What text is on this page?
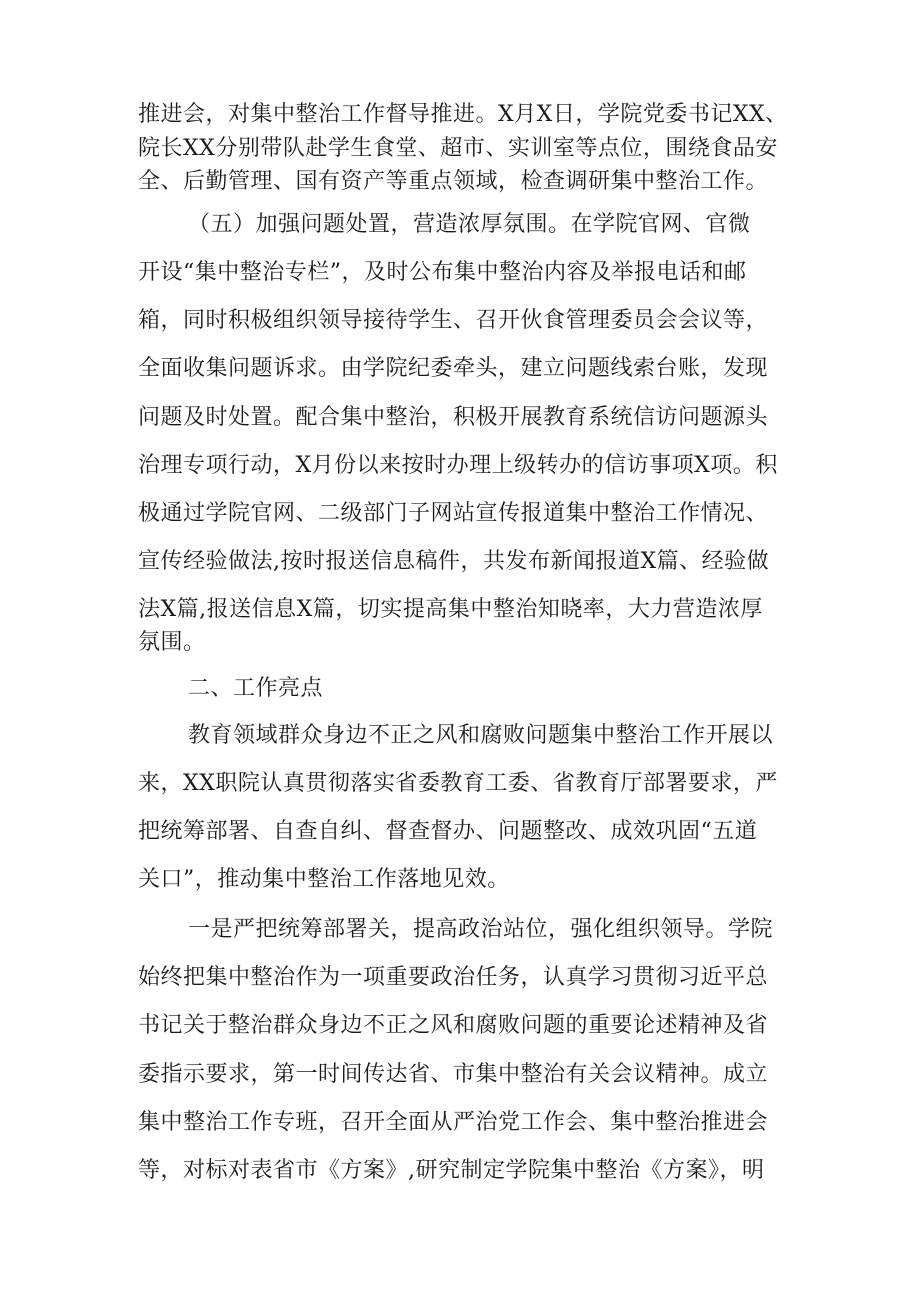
推进会，对集中整治工作督导推进。X月X日，学院党委书记XX、
院长XX分别带队赴学生食堂、超市、实训室等点位，围绕食品安
全、后勤管理、国有资产等重点领域，检查调研集中整治工作。
（五）加强问题处置，营造浓厚氛围。在学院官网、官微
开设“集中整治专栏”，及时公布集中整治内容及举报电话和邮
箱，同时积极组织领导接待学生、召开伙食管理委员会会议等，
全面收集问题诉求。由学院纪委牵头，建立问题线索台账，发现
问题及时处置。配合集中整治，积极开展教育系统信访问题源头
治理专项行动，X月份以来按时办理上级转办的信访事项X项。积
极通过学院官网、二级部门子网站宣传报道集中整治工作情况、
宣传经验做法,按时报送信息稿件，共发布新闻报道X篇、经验做
法X篇,报送信息X篇，切实提高集中整治知晓率，大力营造浓厚
氛围。
二、工作亮点
教育领域群众身边不正之风和腐败问题集中整治工作开展以
来，XX职院认真贯彻落实省委教育工委、省教育厅部署要求，严
把统筹部署、自查自纠、督查督办、问题整改、成效巩固“五道
关口”，推动集中整治工作落地见效。
一是严把统筹部署关，提高政治站位，强化组织领导。学院
始终把集中整治作为一项重要政治任务，认真学习贯彻习近平总
书记关于整治群众身边不正之风和腐败问题的重要论述精神及省
委指示要求，第一时间传达省、市集中整治有关会议精神。成立
集中整治工作专班，召开全面从严治党工作会、集中整治推进会
等，对标对表省市《方案》,研究制定学院集中整治《方案》，明
